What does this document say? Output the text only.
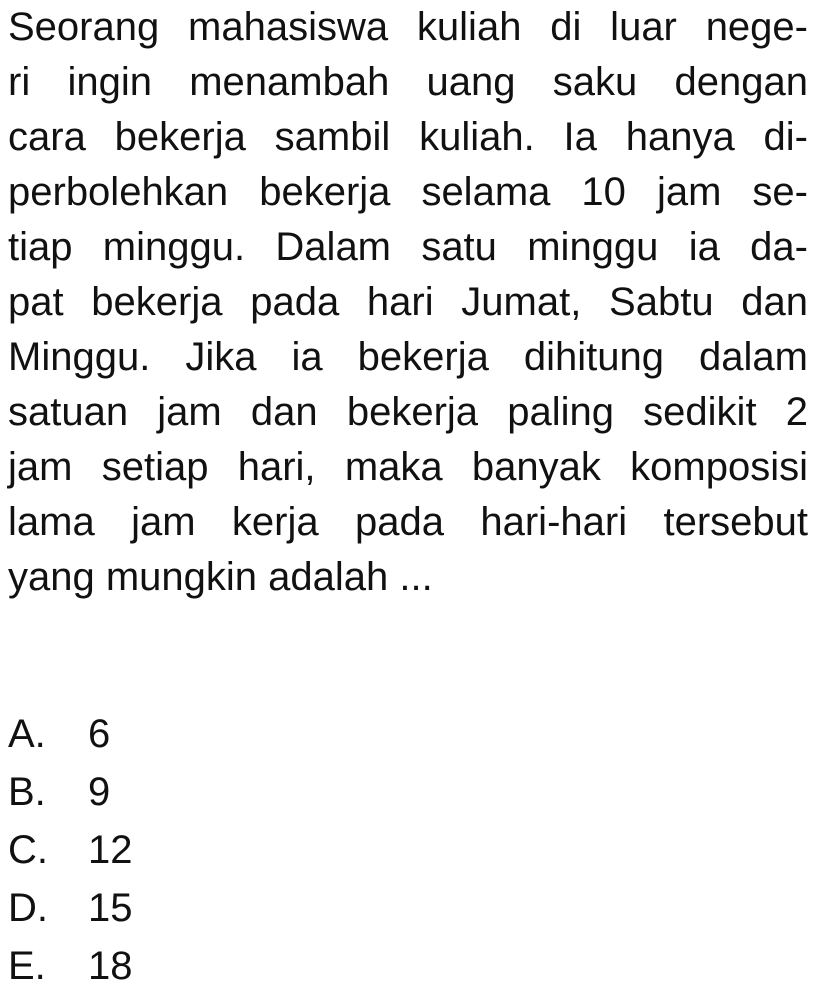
Seorang mahasiswa kuliah di luar nege-

ri ingin menambah uang saku dengan

cara bekerja sambil kuliah. Ia hanya di-

perbolehkan bekerja selama 10 jam se-

tiap minggu. Dalam satu minggu ia da-

pat bekerja pada hari Jumat, Sabtu dan

Minggu. Jika ia bekerja dihitung dalam

satuan jam dan bekerja paling sedikit 2

jam setiap hari, maka banyak komposisi

lama jam kerja pada hari-hari tersebut

yang mungkin adalah ...

A.	6
B.	9
C.	12
D.	15
E.	18
